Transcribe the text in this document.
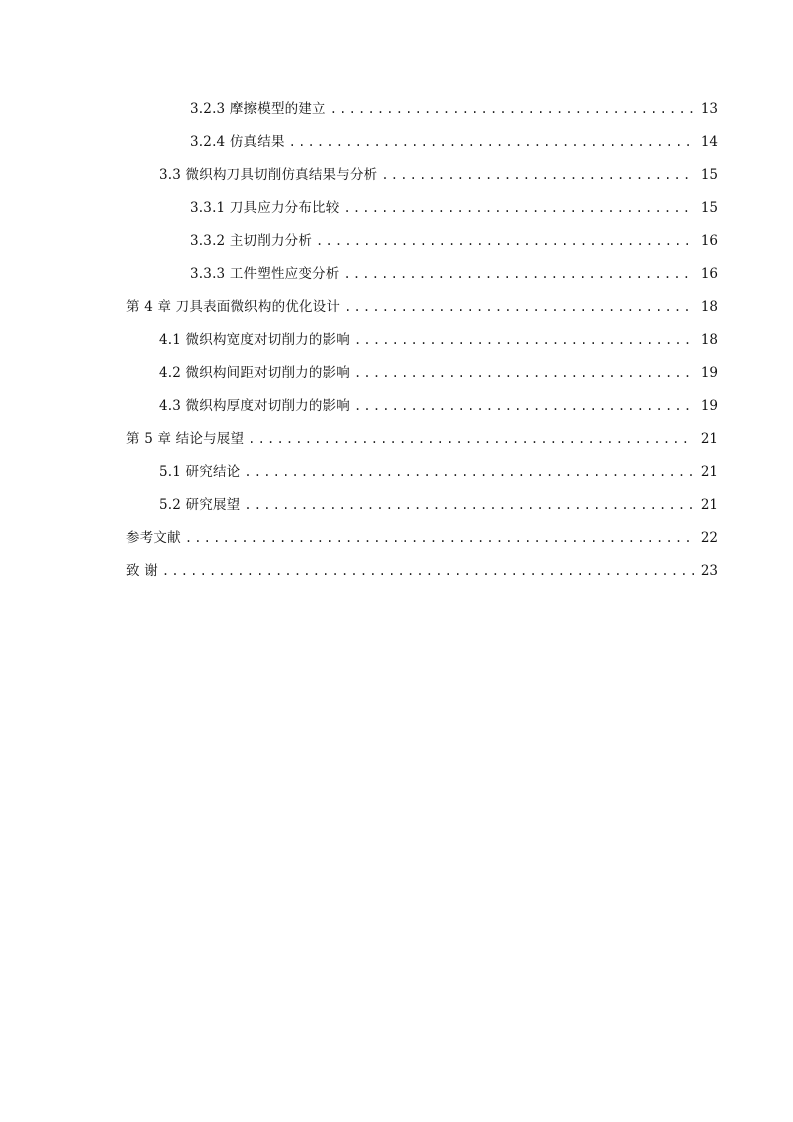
3.2.3 摩擦模型的建立 .....	13
3.2.4 仿真结果 .....	14
3.3 微织构刀具切削仿真结果与分析 .....	15
3.3.1 刀具应力分布比较 .....	15
3.3.2 主切削力分析 .....	16
3.3.3 工件塑性应变分析 .....	16
第 4 章 刀具表面微织构的优化设计 .....	18
4.1 微织构宽度对切削力的影响 .....	18
4.2 微织构间距对切削力的影响 .....	19
4.3 微织构厚度对切削力的影响 .....	19
第 5 章 结论与展望 .....	21
5.1 研究结论 .....	21
5.2 研究展望 .....	21
参考文献 .....	22
致 谢 .....	23
